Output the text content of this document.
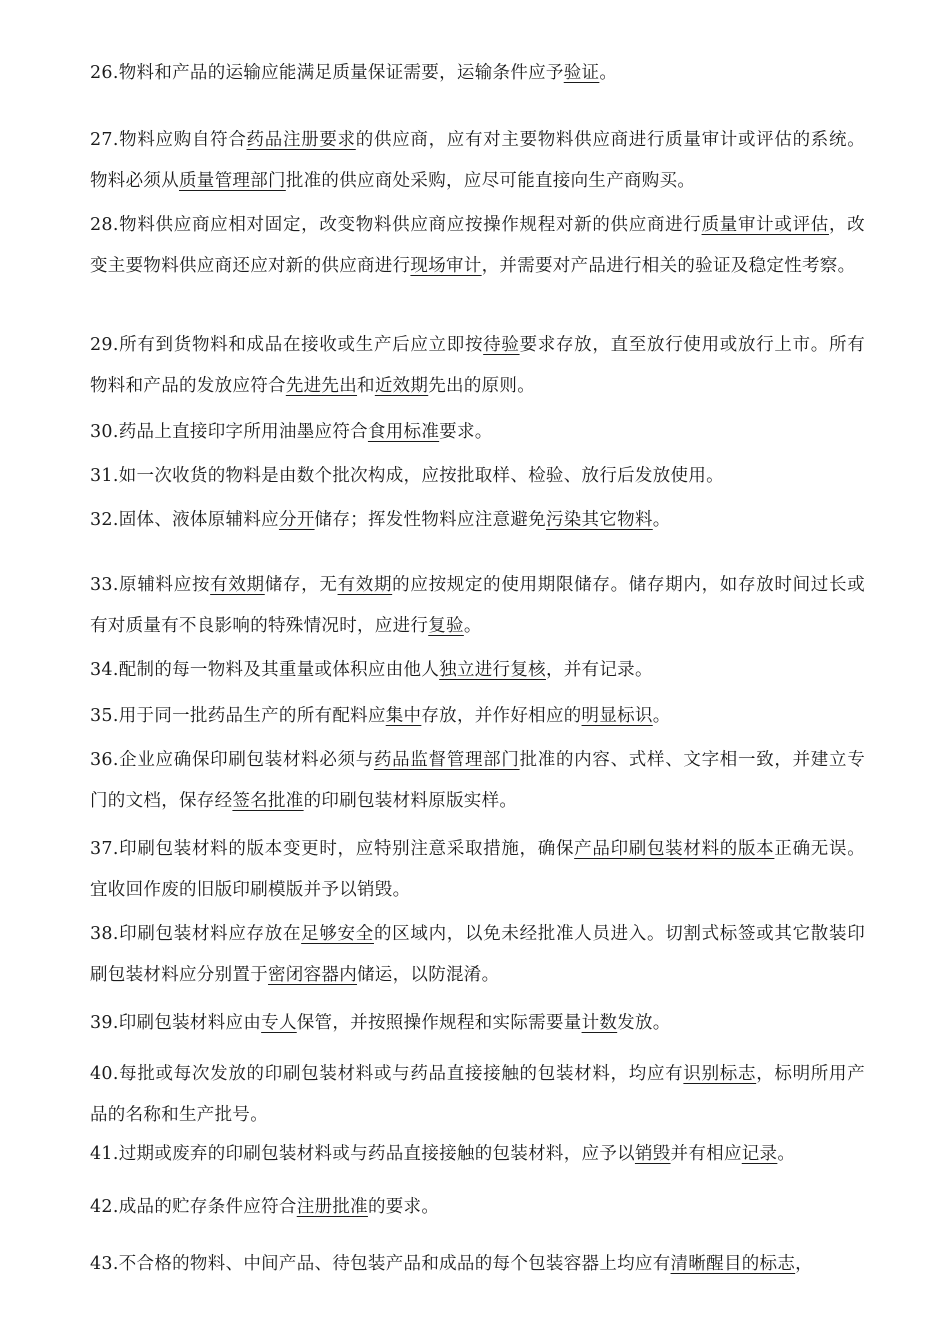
26.物料和产品的运输应能满足质量保证需要，运输条件应予验证。
27.物料应购自符合药品注册要求的供应商，应有对主要物料供应商进行质量审计或评估的系统。物料必须从质量管理部门批准的供应商处采购，应尽可能直接向生产商购买。
28.物料供应商应相对固定，改变物料供应商应按操作规程对新的供应商进行质量审计或评估，改变主要物料供应商还应对新的供应商进行现场审计，并需要对产品进行相关的验证及稳定性考察。
29.所有到货物料和成品在接收或生产后应立即按待验要求存放，直至放行使用或放行上市。所有物料和产品的发放应符合先进先出和近效期先出的原则。
30.药品上直接印字所用油墨应符合食用标准要求。
31.如一次收货的物料是由数个批次构成，应按批取样、检验、放行后发放使用。
32.固体、液体原辅料应分开储存；挥发性物料应注意避免污染其它物料。
33.原辅料应按有效期储存，无有效期的应按规定的使用期限储存。储存期内，如存放时间过长或有对质量有不良影响的特殊情况时，应进行复验。
34.配制的每一物料及其重量或体积应由他人独立进行复核，并有记录。
35.用于同一批药品生产的所有配料应集中存放，并作好相应的明显标识。
36.企业应确保印刷包装材料必须与药品监督管理部门批准的内容、式样、文字相一致，并建立专门的文档，保存经签名批准的印刷包装材料原版实样。
37.印刷包装材料的版本变更时，应特别注意采取措施，确保产品印刷包装材料的版本正确无误。宜收回作废的旧版印刷模版并予以销毁。
38.印刷包装材料应存放在足够安全的区域内，以免未经批准人员进入。切割式标签或其它散装印刷包装材料应分别置于密闭容器内储运，以防混淆。
39.印刷包装材料应由专人保管，并按照操作规程和实际需要量计数发放。
40.每批或每次发放的印刷包装材料或与药品直接接触的包装材料，均应有识别标志，标明所用产品的名称和生产批号。
41.过期或废弃的印刷包装材料或与药品直接接触的包装材料，应予以销毁并有相应记录。
42.成品的贮存条件应符合注册批准的要求。
43.不合格的物料、中间产品、待包装产品和成品的每个包装容器上均应有清晰醒目的标志，
